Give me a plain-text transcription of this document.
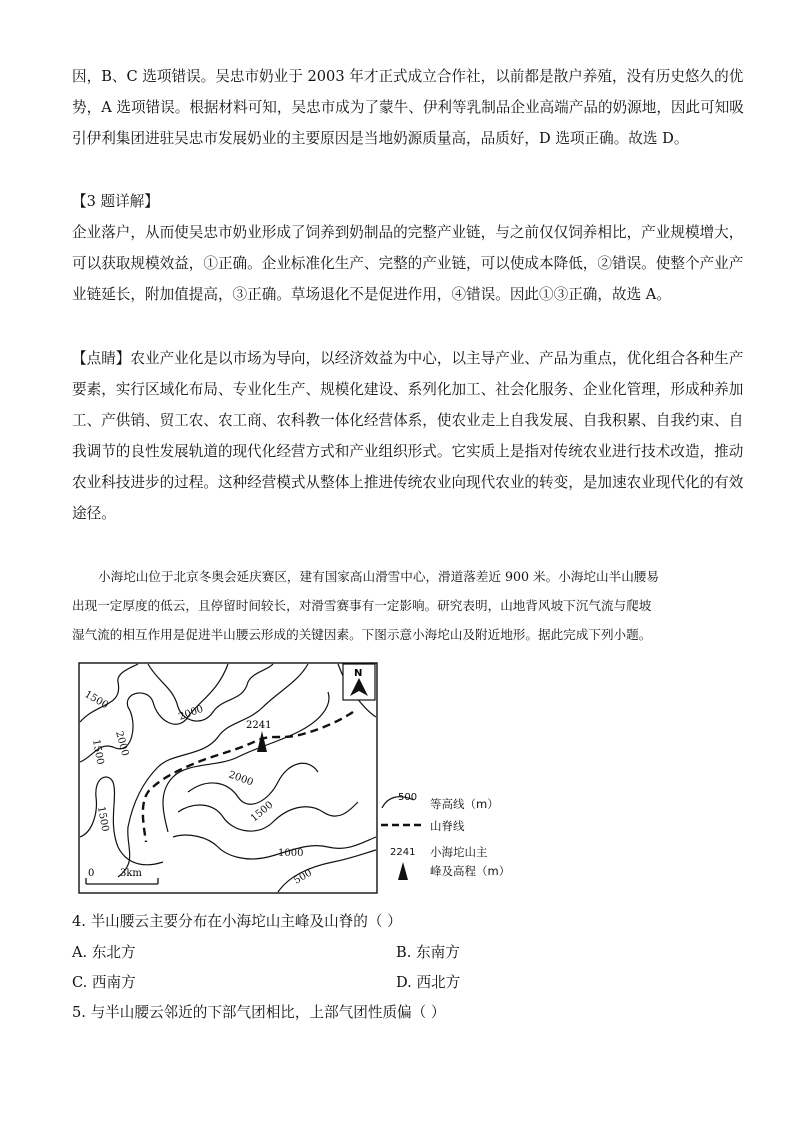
因，B、C 选项错误。吴忠市奶业于 2003 年才正式成立合作社，以前都是散户养殖，没有历史悠久的优
势，A 选项错误。根据材料可知，吴忠市成为了蒙牛、伊利等乳制品企业高端产品的奶源地，因此可知吸
引伊利集团进驻吴忠市发展奶业的主要原因是当地奶源质量高，品质好，D 选项正确。故选 D。
【3 题详解】
企业落户，从而使吴忠市奶业形成了饲养到奶制品的完整产业链，与之前仅仅饲养相比，产业规模增大，
可以获取规模效益，①正确。企业标准化生产、完整的产业链，可以使成本降低，②错误。使整个产业产
业链延长，附加值提高，③正确。草场退化不是促进作用，④错误。因此①③正确，故选 A。
【点睛】农业产业化是以市场为导向，以经济效益为中心，以主导产业、产品为重点，优化组合各种生产
要素，实行区域化布局、专业化生产、规模化建设、系列化加工、社会化服务、企业化管理，形成种养加
工、产供销、贸工农、农工商、农科教一体化经营体系，使农业走上自我发展、自我积累、自我约束、自
我调节的良性发展轨道的现代化经营方式和产业组织形式。它实质上是指对传统农业进行技术改造，推动
农业科技进步的过程。这种经营模式从整体上推进传统农业向现代农业的转变，是加速农业现代化的有效
途径。
小海坨山位于北京冬奥会延庆赛区，建有国家高山滑雪中心，滑道落差近 900 米。小海坨山半山腰易
出现一定厚度的低云，且停留时间较长，对滑雪赛事有一定影响。研究表明，山地背风坡下沉气流与爬坡
湿气流的相互作用是促进半山腰云形成的关键因素。下图示意小海坨山及附近地形。据此完成下列小题。
2241
1500
2000
1500 2000
2000
1500	1500
1000
500
N
0	3km
500 等高线（m）
山脊线
2241 小海坨山主
峰及高程（m）

4. 半山腰云主要分布在小海坨山主峰及山脊的（ ）

A. 东北方	B. 东南方

C. 西南方	D. 西北方

5. 与半山腰云邻近的下部气团相比，上部气团性质偏（ ）
